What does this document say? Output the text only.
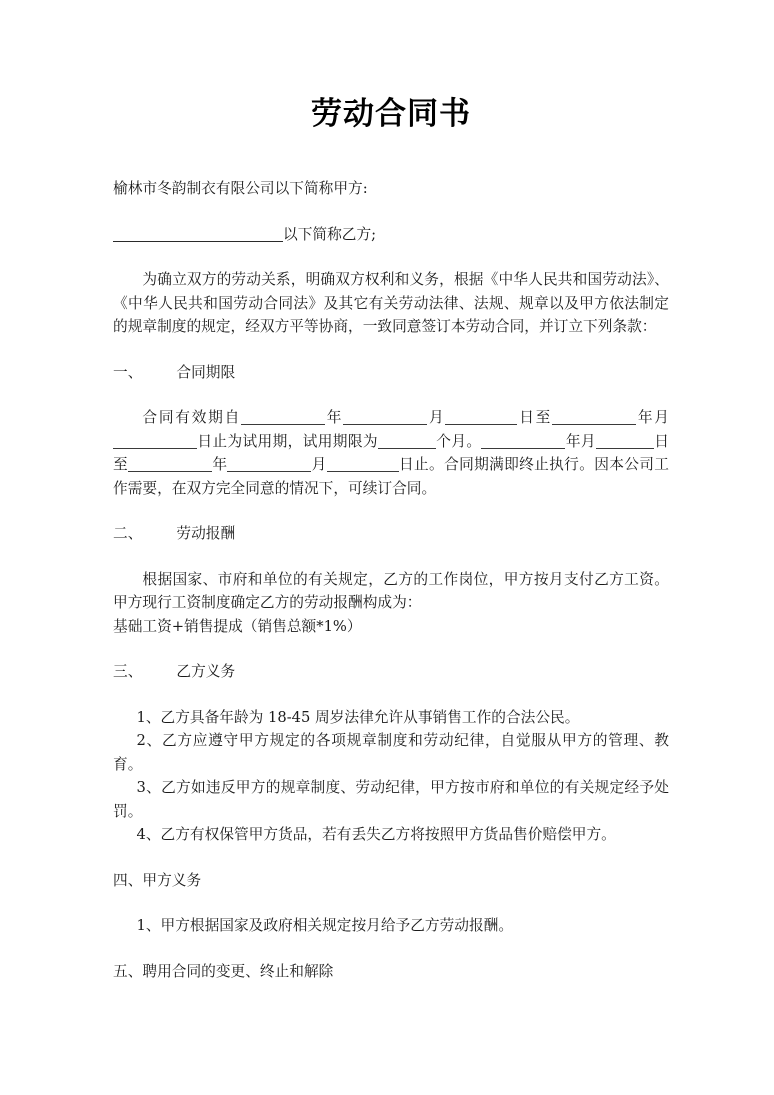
劳动合同书

榆林市冬韵制衣有限公司以下简称甲方:

以下简称乙方;

为确立双方的劳动关系，明确双方权利和义务，根据《中华人民共和国劳动法》、《中华人民共和国劳动合同法》及其它有关劳动法律、法规、规章以及甲方依法制定的规章制度的规定，经双方平等协商，一致同意签订本劳动合同，并订立下列条款：

一、 合同期限

合同有效期自	年	月	日至	年月日止为试用期，试用期限为	个月。	年月	日至	年	月	日止。合同期满即终止执行。因本公司工作需要，在双方完全同意的情况下，可续订合同。

二、 劳动报酬

根据国家、市府和单位的有关规定，乙方的工作岗位，甲方按月支付乙方工资。甲方现行工资制度确定乙方的劳动报酬构成为：

基础工资+销售提成（销售总额*1%）

三、 乙方义务

1、乙方具备年龄为 18-45 周岁法律允许从事销售工作的合法公民。

2、乙方应遵守甲方规定的各项规章制度和劳动纪律，自觉服从甲方的管理、教育。

3、乙方如违反甲方的规章制度、劳动纪律，甲方按市府和单位的有关规定经予处罚。

4、乙方有权保管甲方货品，若有丢失乙方将按照甲方货品售价赔偿甲方。

四、甲方义务

1、甲方根据国家及政府相关规定按月给予乙方劳动报酬。

五、聘用合同的变更、终止和解除
